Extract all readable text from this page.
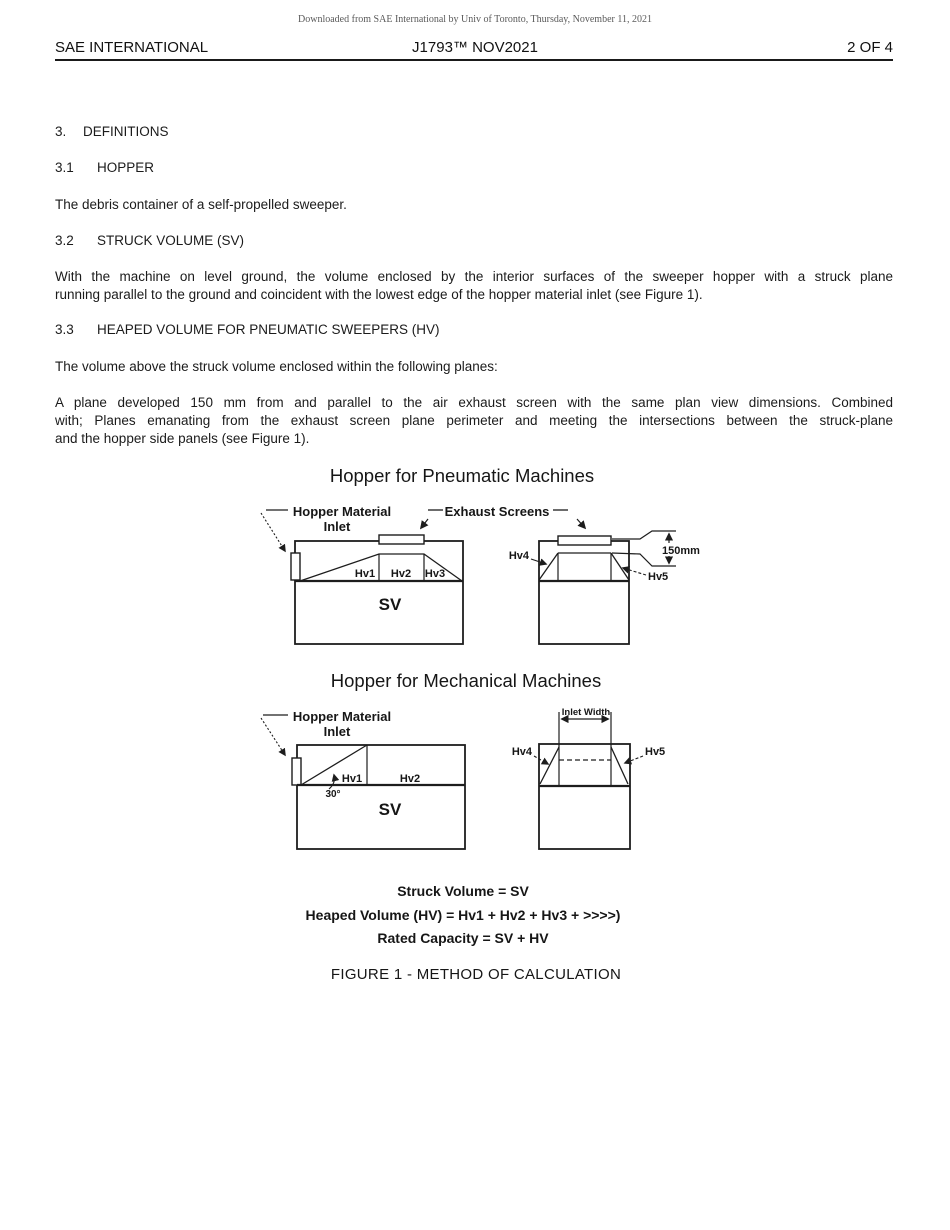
Downloaded from SAE International by Univ of Toronto, Thursday, November 11, 2021
SAE INTERNATIONAL	J1793™ NOV2021	2 OF 4
3. DEFINITIONS
3.1 HOPPER
The debris container of a self-propelled sweeper.
3.2 STRUCK VOLUME (SV)
With the machine on level ground, the volume enclosed by the interior surfaces of the sweeper hopper with a struck plane
running parallel to the ground and coincident with the lowest edge of the hopper material inlet (see Figure 1).
3.3 HEAPED VOLUME FOR PNEUMATIC SWEEPERS (HV)
The volume above the struck volume enclosed within the following planes:
A plane developed 150 mm from and parallel to the air exhaust screen with the same plan view dimensions. Combined
with; Planes emanating from the exhaust screen plane perimeter and meeting the intersections between the struck-plane
and the hopper side panels (see Figure 1).
Hopper for Pneumatic Machines
Hopper Material
Inlet
Exhaust Screens
Hv1 Hv2 Hv3
SV
Hv4
Hv5
150mm
Hopper for Mechanical Machines
Hopper Material
Inlet
Hv1	Hv2
30°
SV
Inlet Width
Hv4	Hv5
Struck Volume = SV
Heaped Volume (HV) = Hv1 + Hv2 + Hv3 + >>>>)
Rated Capacity = SV + HV
FIGURE 1 - METHOD OF CALCULATION
